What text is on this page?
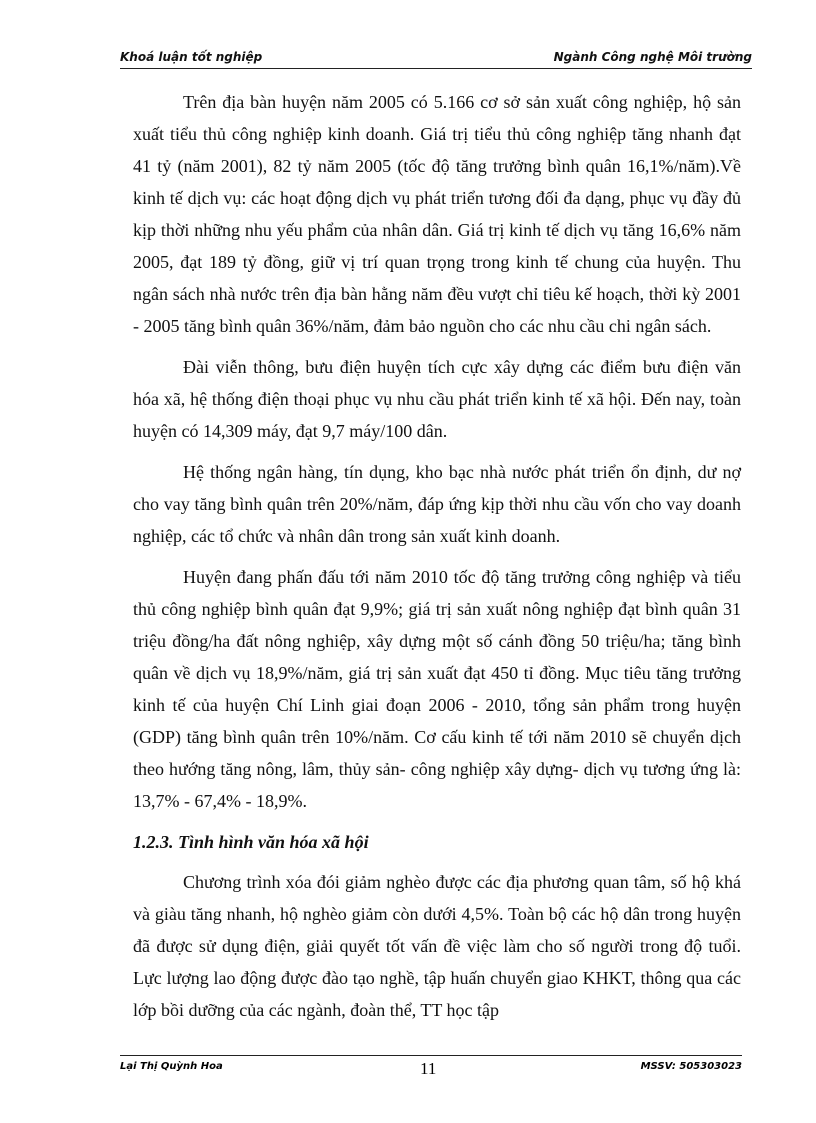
Khoá luận tốt nghiệp	Ngành Công nghệ Môi trường

Trên địa bàn huyện năm 2005 có 5.166 cơ sở sản xuất công nghiệp, hộ sản xuất tiểu thủ công nghiệp kinh doanh. Giá trị tiểu thủ công nghiệp tăng nhanh đạt 41 tỷ (năm 2001), 82 tỷ năm 2005 (tốc độ tăng trưởng bình quân 16,1%/năm).Về kinh tế dịch vụ: các hoạt động dịch vụ phát triển tương đối đa dạng, phục vụ đầy đủ kịp thời những nhu yếu phẩm của nhân dân. Giá trị kinh tế dịch vụ tăng 16,6% năm 2005, đạt 189 tỷ đồng, giữ vị trí quan trọng trong kinh tế chung của huyện. Thu ngân sách nhà nước trên địa bàn hằng năm đều vượt chỉ tiêu kế hoạch, thời kỳ 2001 - 2005 tăng bình quân 36%/năm, đảm bảo nguồn cho các nhu cầu chi ngân sách.

Đài viễn thông, bưu điện huyện tích cực xây dựng các điểm bưu điện văn hóa xã, hệ thống điện thoại phục vụ nhu cầu phát triển kinh tế xã hội. Đến nay, toàn huyện có 14,309 máy, đạt 9,7 máy/100 dân.

Hệ thống ngân hàng, tín dụng, kho bạc nhà nước phát triển ổn định, dư nợ cho vay tăng bình quân trên 20%/năm, đáp ứng kịp thời nhu cầu vốn cho vay doanh nghiệp, các tổ chức và nhân dân trong sản xuất kinh doanh.

Huyện đang phấn đấu tới năm 2010 tốc độ tăng trưởng công nghiệp và tiểu thủ công nghiệp bình quân đạt 9,9%; giá trị sản xuất nông nghiệp đạt bình quân 31 triệu đồng/ha đất nông nghiệp, xây dựng một số cánh đồng 50 triệu/ha; tăng bình quân về dịch vụ 18,9%/năm, giá trị sản xuất đạt 450 tỉ đồng. Mục tiêu tăng trưởng kinh tế của huyện Chí Linh giai đoạn 2006 - 2010, tổng sản phẩm trong huyện (GDP) tăng bình quân trên 10%/năm. Cơ cấu kinh tế tới năm 2010 sẽ chuyển dịch theo hướng tăng nông, lâm, thủy sản- công nghiệp xây dựng- dịch vụ tương ứng là: 13,7% - 67,4% - 18,9%.

1.2.3. Tình hình văn hóa xã hội

Chương trình xóa đói giảm nghèo được các địa phương quan tâm, số hộ khá và giàu tăng nhanh, hộ nghèo giảm còn dưới 4,5%. Toàn bộ các hộ dân trong huyện đã được sử dụng điện, giải quyết tốt vấn đề việc làm cho số người trong độ tuổi. Lực lượng lao động được đào tạo nghề, tập huấn chuyển giao KHKT, thông qua các lớp bồi dưỡng của các ngành, đoàn thể, TT học tập

Lại Thị Quỳnh Hoa	11	MSSV: 505303023
